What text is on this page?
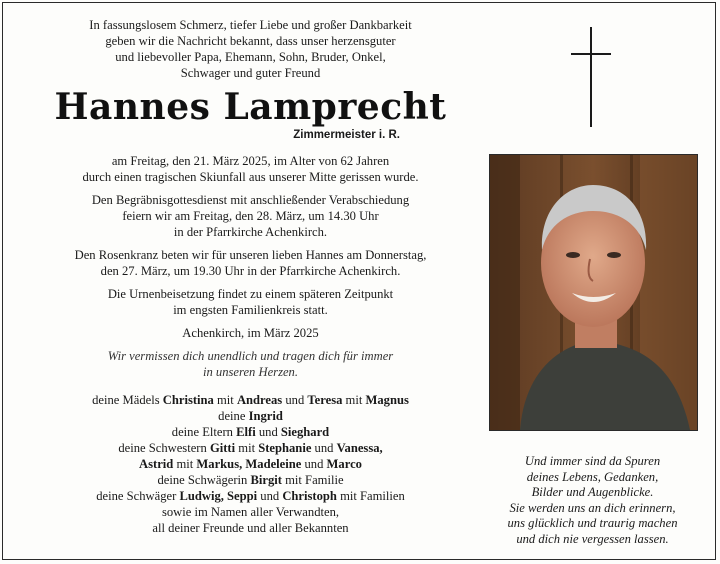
In fassungslosem Schmerz, tiefer Liebe und großer Dankbarkeit
geben wir die Nachricht bekannt, dass unser herzensguter
und liebevoller Papa, Ehemann, Sohn, Bruder, Onkel,
Schwager und guter Freund
Hannes Lamprecht
Zimmermeister i. R.
am Freitag, den 21. März 2025, im Alter von 62 Jahren
durch einen tragischen Skiunfall aus unserer Mitte gerissen wurde.
Den Begräbnisgottesdienst mit anschließender Verabschiedung
feiern wir am Freitag, den 28. März, um 14.30 Uhr
in der Pfarrkirche Achenkirch.
Den Rosenkranz beten wir für unseren lieben Hannes am Donnerstag,
den 27. März, um 19.30 Uhr in der Pfarrkirche Achenkirch.
Die Urnenbeisetzung findet zu einem späteren Zeitpunkt
im engsten Familienkreis statt.
Achenkirch, im März 2025
Wir vermissen dich unendlich und tragen dich für immer
in unseren Herzen.

deine Mädels Christina mit Andreas und Teresa mit Magnus

deine Ingrid

deine Eltern Elfi und Sieghard

deine Schwestern Gitti mit Stephanie und Vanessa,

Astrid mit Markus, Madeleine und Marco

deine Schwägerin Birgit mit Familie

deine Schwäger Ludwig, Seppi und Christoph mit Familien

sowie im Namen aller Verwandten,

all deiner Freunde und aller Bekannten

Und immer sind da Spuren

deines Lebens, Gedanken,

Bilder und Augenblicke.

Sie werden uns an dich erinnern,

uns glücklich und traurig machen

und dich nie vergessen lassen.
